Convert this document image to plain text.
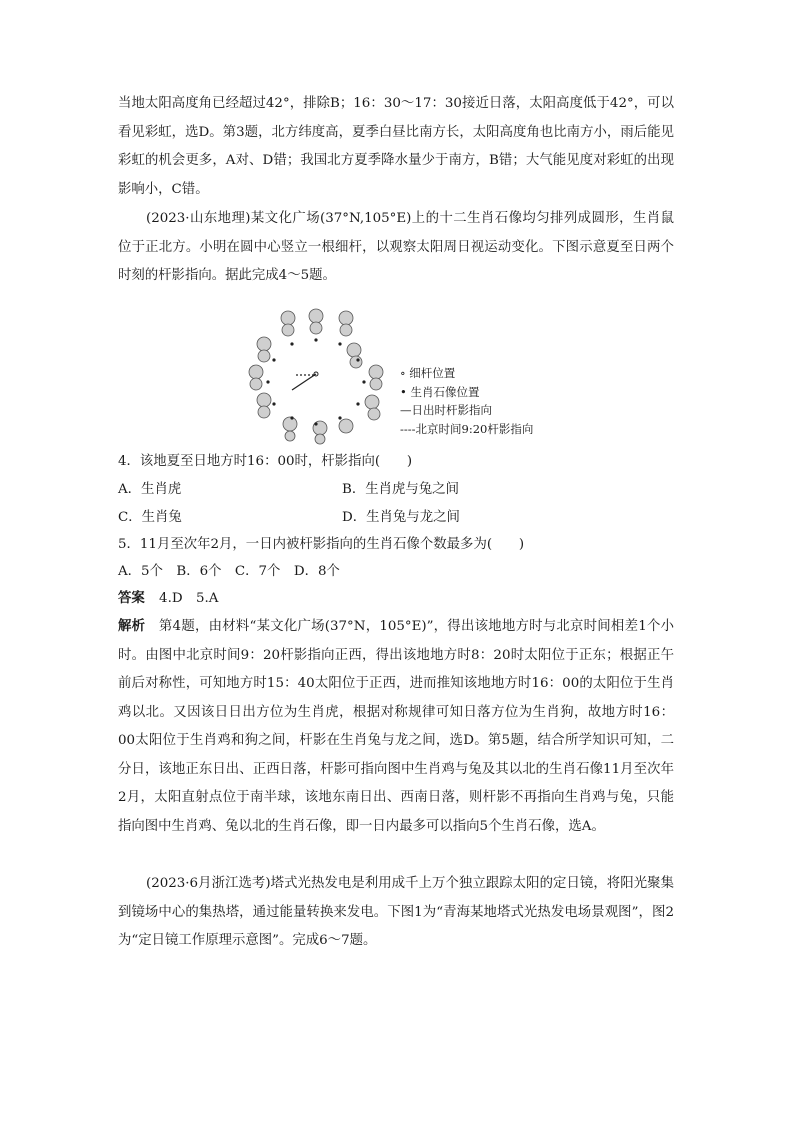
当地太阳高度角已经超过42°，排除B；16：30～17：30接近日落，太阳高度低于42°，可以看见彩虹，选D。第3题，北方纬度高，夏季白昼比南方长，太阳高度角也比南方小，雨后能见彩虹的机会更多，A对、D错；我国北方夏季降水量少于南方，B错；大气能见度对彩虹的出现影响小，C错。

(2023·山东地理)某文化广场(37°N,105°E)上的十二生肖石像均匀排列成圆形，生肖鼠位于正北方。小明在圆中心竖立一根细杆，以观察太阳周日视运动变化。下图示意夏至日两个时刻的杆影指向。据此完成4～5题。

∘ 细杆位置
• 生肖石像位置
—日出时杆影指向
----北京时间9:20杆影指向
4．该地夏至日地方时16：00时，杆影指向(　　)
A．生肖虎	B．生肖虎与兔之间
C．生肖兔	D．生肖兔与龙之间
5．11月至次年2月，一日内被杆影指向的生肖石像个数最多为(　　)
A．5个　B．6个　C．7个　D．8个
答案 4.D　5.A

解析　 第4题，由材料“某文化广场(37°N，105°E)”，得出该地地方时与北京时间相差1个小时。由图中北京时间9：20杆影指向正西，得出该地地方时8：20时太阳位于正东；根据正午前后对称性，可知地方时15：40太阳位于正西，进而推知该地地方时16：00的太阳位于生肖鸡以北。又因该日日出方位为生肖虎，根据对称规律可知日落方位为生肖狗，故地方时16：00太阳位于生肖鸡和狗之间，杆影在生肖兔与龙之间，选D。第5题，结合所学知识可知，二分日，该地正东日出、正西日落，杆影可指向图中生肖鸡与兔及其以北的生肖石像11月至次年2月，太阳直射点位于南半球，该地东南日出、西南日落，则杆影不再指向生肖鸡与兔，只能指向图中生肖鸡、兔以北的生肖石像，即一日内最多可以指向5个生肖石像，选A。

(2023·6月浙江选考)塔式光热发电是利用成千上万个独立跟踪太阳的定日镜，将阳光聚集到镜场中心的集热塔，通过能量转换来发电。下图1为“青海某地塔式光热发电场景观图”，图2为“定日镜工作原理示意图”。完成6～7题。
